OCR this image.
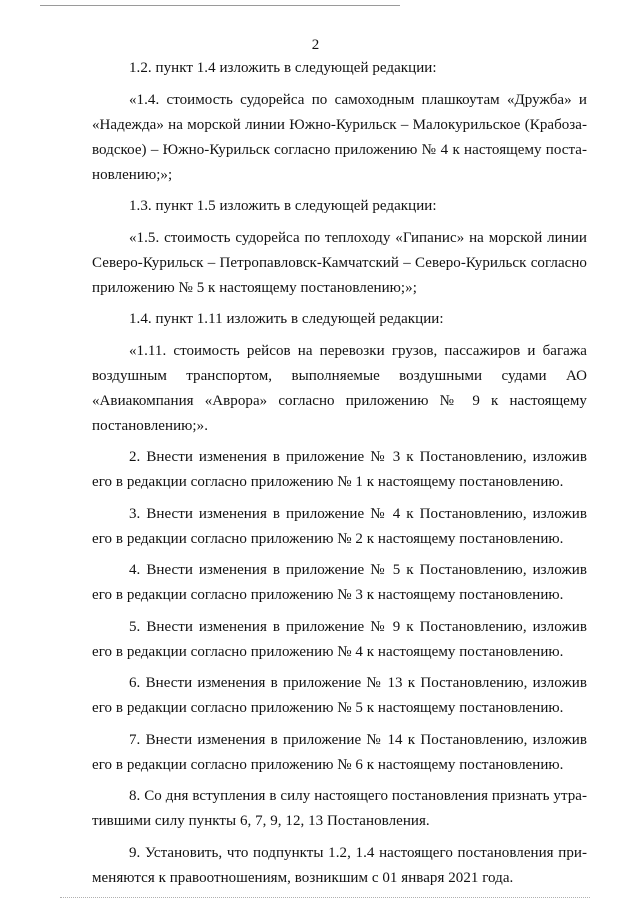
2

1.2. пункт 1.4 изложить в следующей редакции:

«1.4. стоимость судорейса по самоходным плашкоутам «Дружба» и «Надежда» на морской линии Южно-Курильск – Малокурильское (Крабозаводское) – Южно-Курильск согласно приложению № 4 к настоящему постановлению;»;

1.3. пункт 1.5 изложить в следующей редакции:

«1.5. стоимость судорейса по теплоходу «Гипанис» на морской линии Северо-Курильск – Петропавловск-Камчатский – Северо-Курильск согласно приложению № 5 к настоящему постановлению;»;

1.4. пункт 1.11 изложить в следующей редакции:

«1.11. стоимость рейсов на перевозки грузов, пассажиров и багажа воздушным транспортом, выполняемые воздушными судами АО «Авиакомпания «Аврора» согласно приложению № 9 к настоящему постановлению;».

2. Внести изменения в приложение № 3 к Постановлению, изложив его в редакции согласно приложению № 1 к настоящему постановлению.

3. Внести изменения в приложение № 4 к Постановлению, изложив его в редакции согласно приложению № 2 к настоящему постановлению.

4. Внести изменения в приложение № 5 к Постановлению, изложив его в редакции согласно приложению № 3 к настоящему постановлению.

5. Внести изменения в приложение № 9 к Постановлению, изложив его в редакции согласно приложению № 4 к настоящему постановлению.

6. Внести изменения в приложение № 13 к Постановлению, изложив его в редакции согласно приложению № 5 к настоящему постановлению.

7. Внести изменения в приложение № 14 к Постановлению, изложив его в редакции согласно приложению № 6 к настоящему постановлению.

8. Со дня вступления в силу настоящего постановления признать утратившими силу пункты 6, 7, 9, 12, 13 Постановления.

9. Установить, что подпункты 1.2, 1.4 настоящего постановления применяются к правоотношениям, возникшим с 01 января 2021 года.
